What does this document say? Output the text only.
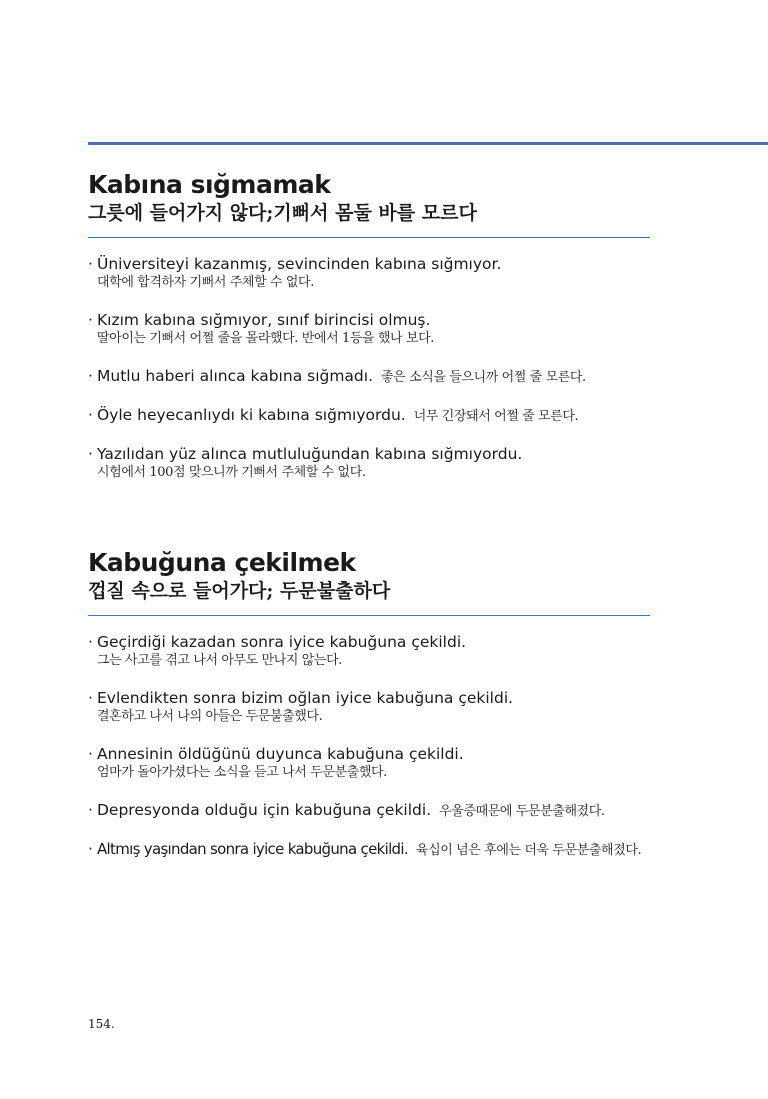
Kabına sığmamak
그릇에 들어가지 않다;기뻐서 몸둘 바를 모르다
· Üniversiteyi kazanmış, sevincinden kabına sığmıyor.
대학에 합격하자 기뻐서 주체할 수 없다.
· Kızım kabına sığmıyor, sınıf birincisi olmuş.
딸아이는 기뻐서 어쩔 줄을 몰라했다. 반에서 1등을 했나 보다.
· Mutlu haberi alınca kabına sığmadı. 좋은 소식을 들으니까 어쩔 줄 모른다.
· Öyle heyecanlıydı ki kabına sığmıyordu. 너무 긴장돼서 어쩔 줄 모른다.
· Yazılıdan yüz alınca mutluluğundan kabına sığmıyordu.
시험에서 100점 맞으니까 기뻐서 주체할 수 없다.
Kabuğuna çekilmek
껍질 속으로 들어가다; 두문불출하다
· Geçirdiği kazadan sonra iyice kabuğuna çekildi.
그는 사고를 겪고 나서 아무도 만나지 않는다.
· Evlendikten sonra bizim oğlan iyice kabuğuna çekildi.
결혼하고 나서 나의 아들은 두문불출했다.
· Annesinin öldüğünü duyunca kabuğuna çekildi.
엄마가 돌아가셨다는 소식을 듣고 나서 두문분출했다.
· Depresyonda olduğu için kabuğuna çekildi. 우울증때문에 두문분출해졌다.
· Altmış yaşından sonra iyice kabuğuna çekildi. 육십이 넘은 후에는 더욱 두문분출해졌다.
154.
